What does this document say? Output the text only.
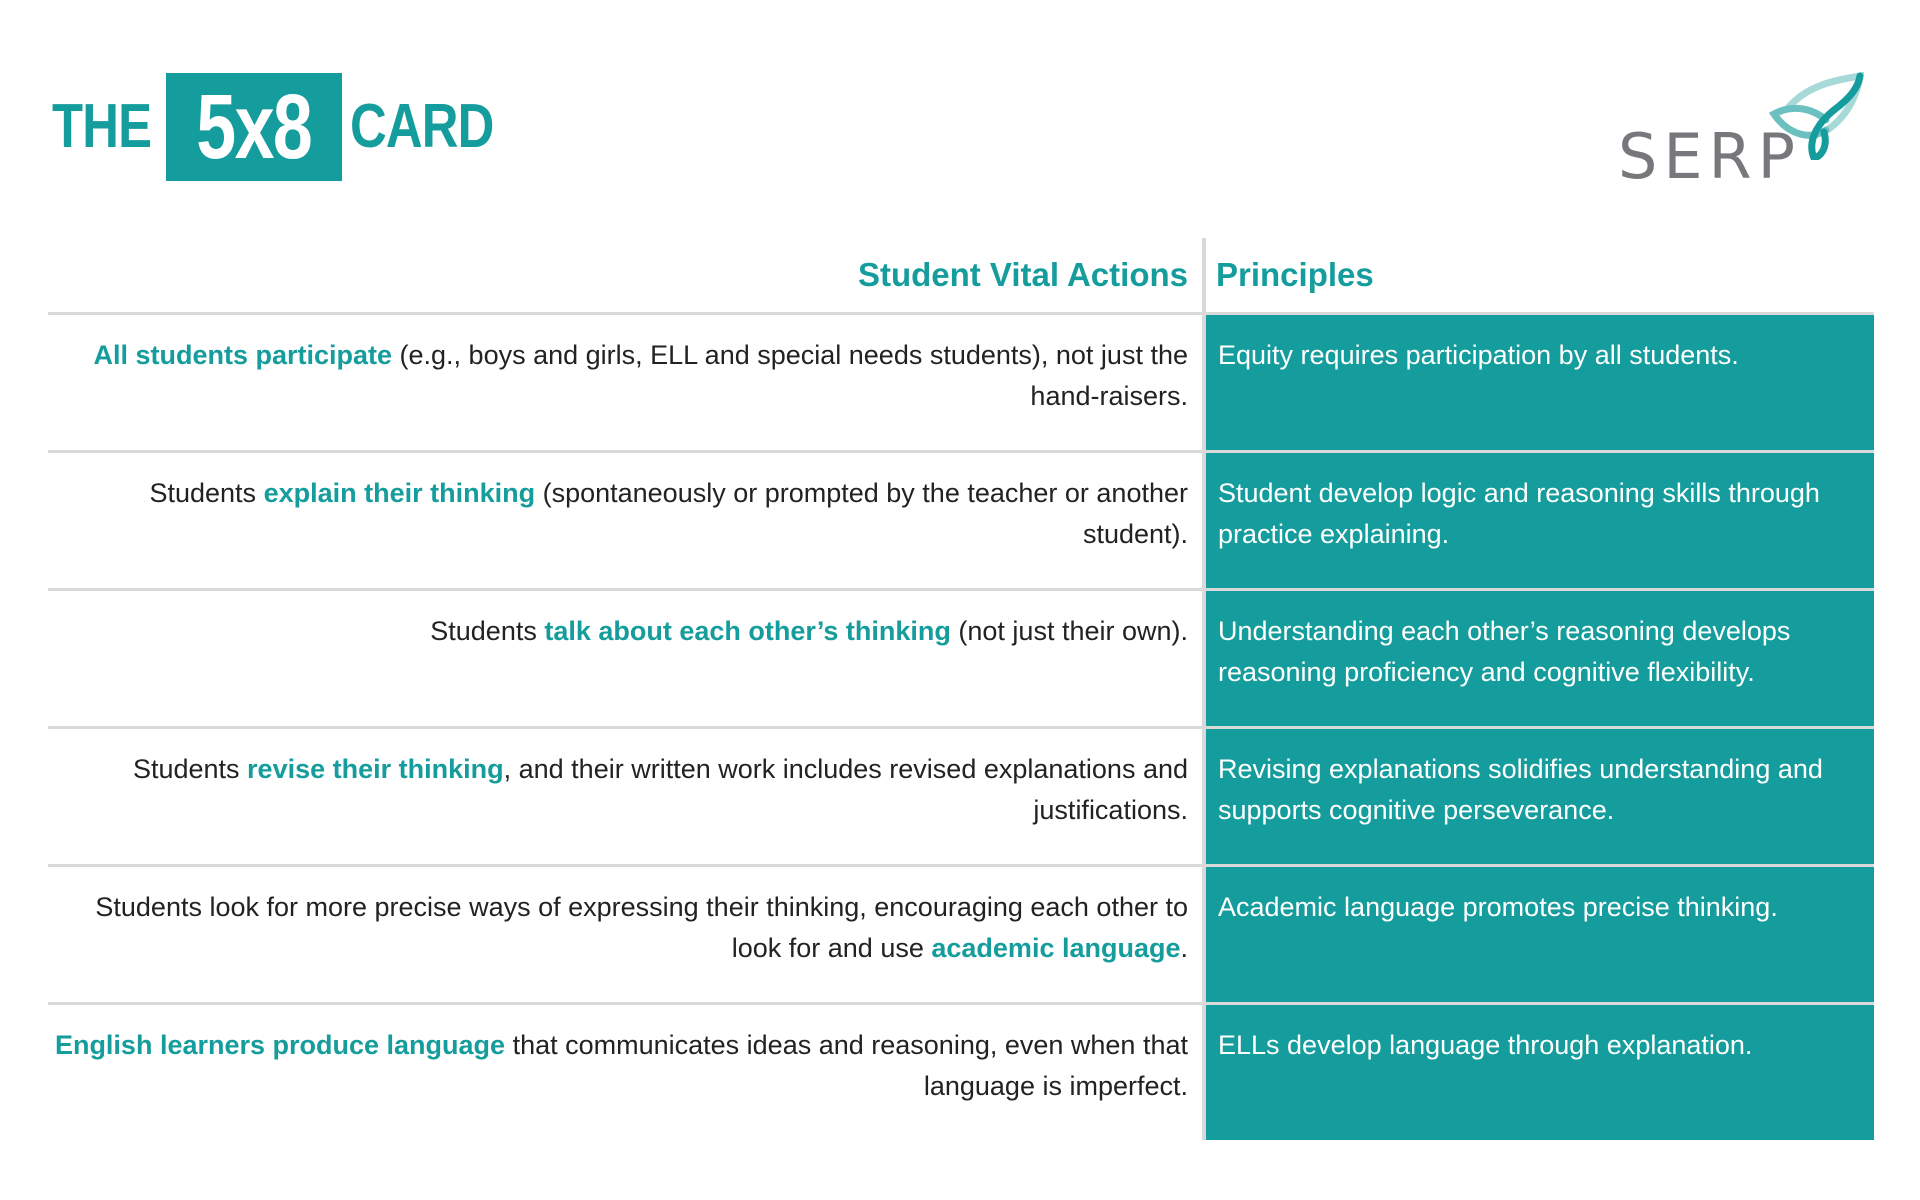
THE 5x8 CARD	SERP
Student Vital Actions Principles
All students participate (e.g., boys and girls, ELL and special needs students), not just the hand-raisers.
Equity requires participation by all students.
Students explain their thinking (spontaneously or prompted by the teacher or another student).
Student develop logic and reasoning skills through practice explaining.
Students talk about each other’s thinking (not just their own).	Understanding each other’s reasoning develops reasoning proficiency and cognitive flexibility.
Students revise their thinking, and their written work includes revised explanations and justifications.
Revising explanations solidifies understanding and supports cognitive perseverance.
Students look for more precise ways of expressing their thinking, encouraging each other to look for and use academic language.
Academic language promotes precise thinking.
English learners produce language that communicates ideas and reasoning, even when that language is imperfect.
ELLs develop language through explanation.
